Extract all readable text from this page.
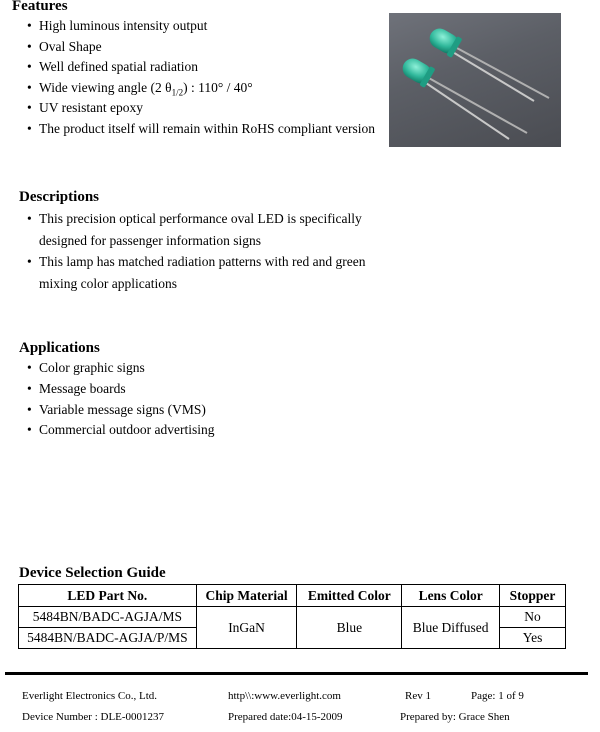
Features
• High luminous intensity output
• Oval Shape
• Well defined spatial radiation
• Wide viewing angle (2 $\theta_{1/2}$) : 110° / 40°
• UV resistant epoxy
• The product itself will remain within RoHS compliant version
Descriptions
• This precision optical performance oval LED is specifically designed for passenger information signs
• This lamp has matched radiation patterns with red and green mixing color applications
Applications
• Color graphic signs
• Message boards
• Variable message signs (VMS)
• Commercial outdoor advertising
Device Selection Guide
LED Part No.	Chip Material	Emitted Color	Lens Color	Stopper
5484BN/BADC-AGJA/MS	InGaN	Blue	Blue Diffused	No
5484BN/BADC-AGJA/P/MS				Yes
Everlight Electronics Co., Ltd.	http\\:www.everlight.com	Rev 1	Page: 1 of 9
Device Number : DLE-0001237	Prepared date:04-15-2009	Prepared by: Grace Shen
